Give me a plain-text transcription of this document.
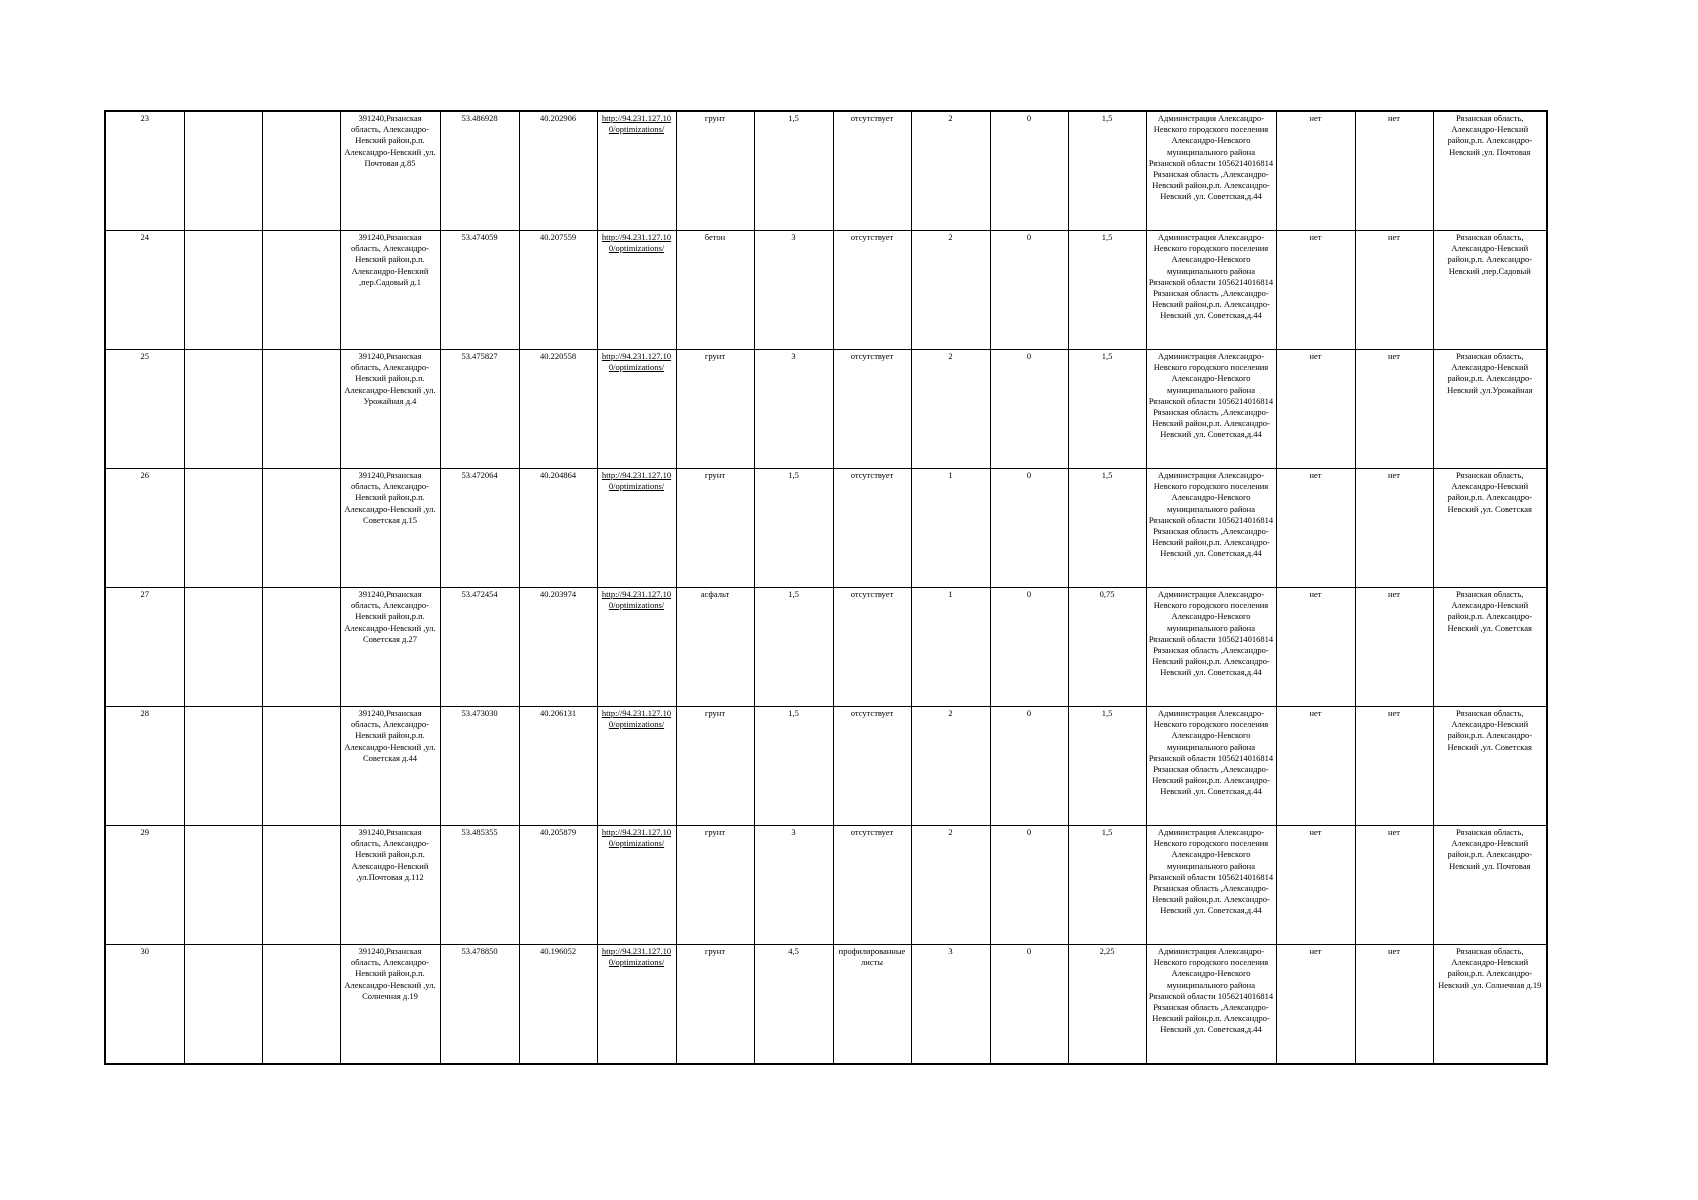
23			391240,Рязанская область, Александро-Невский район,р.п. Александро-Невский ,ул. Почтовая д.85	53.486928	40.202906	http://94.231.127.10 0/optimizations/	грунт	1,5	отсутствует	2	0	1,5	Администрация Александро-Невского городского поселения Александро-Невского муниципального района Рязанской области 1056214016814 Рязанская область ,Александро-Невский район,р.п. Александро-Невский ,ул. Советская,д.44	нет	нет	Рязанская область, Александро-Невский район,р.п. Александро-Невский ,ул. Почтовая
24			391240,Рязанская область, Александро-Невский район,р.п. Александро-Невский ,пер.Садовый д.1	53.474059	40.207559	http://94.231.127.10 0/optimizations/	бетон	3	отсутствует	2	0	1,5	Администрация Александро-Невского городского поселения Александро-Невского муниципального района Рязанской области 1056214016814 Рязанская область ,Александро-Невский район,р.п. Александро-Невский ,ул. Советская,д.44	нет	нет	Рязанская область, Александро-Невский район,р.п. Александро-Невский ,пер.Садовый
25			391240,Рязанская область, Александро-Невский район,р.п. Александро-Невский ,ул. Урожайная д.4	53.475827	40.220558	http://94.231.127.10 0/optimizations/	грунт	3	отсутствует	2	0	1,5	Администрация Александро-Невского городского поселения Александро-Невского муниципального района Рязанской области 1056214016814 Рязанская область ,Александро-Невский район,р.п. Александро-Невский ,ул. Советская,д.44	нет	нет	Рязанская область, Александро-Невский район,р.п. Александро-Невский ,ул.Урожайная
26			391240,Рязанская область, Александро-Невский район,р.п. Александро-Невский ,ул. Советская д.15	53.472064	40.204864	http://94.231.127.10 0/optimizations/	грунт	1,5	отсутствует	1	0	1,5	Администрация Александро-Невского городского поселения Александро-Невского муниципального района Рязанской области 1056214016814 Рязанская область ,Александро-Невский район,р.п. Александро-Невский ,ул. Советская,д.44	нет	нет	Рязанская область, Александро-Невский район,р.п. Александро-Невский ,ул. Советская
27			391240,Рязанская область, Александро-Невский район,р.п. Александро-Невский ,ул. Советская д.27	53.472454	40.203974	http://94.231.127.10 0/optimizations/	асфальт	1,5	отсутствует	1	0	0,75	Администрация Александро-Невского городского поселения Александро-Невского муниципального района Рязанской области 1056214016814 Рязанская область ,Александро-Невский район,р.п. Александро-Невский ,ул. Советская,д.44	нет	нет	Рязанская область, Александро-Невский район,р.п. Александро-Невский ,ул. Советская
28			391240,Рязанская область, Александро-Невский район,р.п. Александро-Невский ,ул. Советская д.44	53.473030	40.206131	http://94.231.127.10 0/optimizations/	грунт	1,5	отсутствует	2	0	1,5	Администрация Александро-Невского городского поселения Александро-Невского муниципального района Рязанской области 1056214016814 Рязанская область ,Александро-Невский район,р.п. Александро-Невский ,ул. Советская,д.44	нет	нет	Рязанская область, Александро-Невский район,р.п. Александро-Невский ,ул. Советская
29			391240,Рязанская область, Александро-Невский район,р.п. Александро-Невский ,ул.Почтовая д.112	53.485355	40.205879	http://94.231.127.10 0/optimizations/	грунт	3	отсутствует	2	0	1,5	Администрация Александро-Невского городского поселения Александро-Невского муниципального района Рязанской области 1056214016814 Рязанская область ,Александро-Невский район,р.п. Александро-Невский ,ул. Советская,д.44	нет	нет	Рязанская область, Александро-Невский район,р.п. Александро-Невский ,ул. Почтовая
30			391240,Рязанская область, Александро-Невский район,р.п. Александро-Невский ,ул. Солнечная д.19	53.478850	40.196052	http://94.231.127.10 0/optimizations/	грунт	4,5	профилированные листы	3	0	2,25	Администрация Александро-Невского городского поселения Александро-Невского муниципального района Рязанской области 1056214016814 Рязанская область ,Александро-Невский район,р.п. Александро-Невский ,ул. Советская,д.44	нет	нет	Рязанская область, Александро-Невский район,р.п. Александро-Невский ,ул. Солнечная д.19
